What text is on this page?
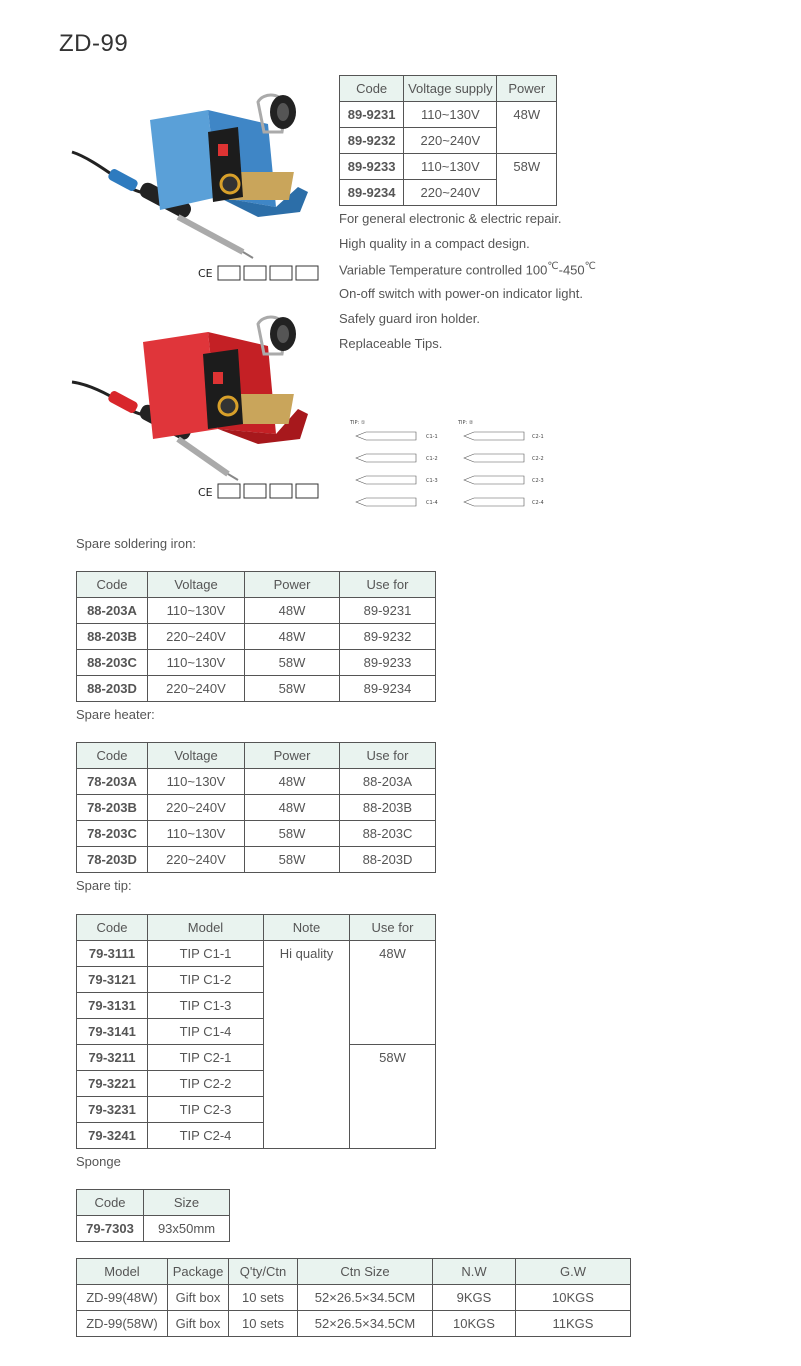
ZD-99
CE
CE
Code	Voltage supply	Power
89-9231	110~130V	48W
89-9232	220~240V	
89-9233	110~130V	58W
89-9234	220~240V	
For general electronic & electric repair.
High quality in a compact design.
Variable Temperature controlled 100℃-450℃
On-off switch with power-on indicator light.
Safely guard iron holder.
Replaceable Tips.
TIP: ①	TIP: ②
C1-1
C1-2
C1-3
C1-4
C2-1
C2-2
C2-3
C2-4
Spare soldering iron:
Code	Voltage	Power	Use for
88-203A	110~130V	48W	89-9231
88-203B	220~240V	48W	89-9232
88-203C	110~130V	58W	89-9233
88-203D	220~240V	58W	89-9234
Spare heater:
Code	Voltage	Power	Use for
78-203A	110~130V	48W	88-203A
78-203B	220~240V	48W	88-203B
78-203C	110~130V	58W	88-203C
78-203D	220~240V	58W	88-203D
Spare tip:
Code	Model	Note	Use for
79-3111	TIP C1-1	Hi quality	48W
79-3121	TIP C1-2		
79-3131	TIP C1-3		
79-3141	TIP C1-4		
79-3211	TIP C2-1		58W
79-3221	TIP C2-2		
79-3231	TIP C2-3		
79-3241	TIP C2-4		
Sponge
Code	Size
79-7303	93x50mm
Model	Package	Q'ty/Ctn	Ctn Size	N.W	G.W
ZD-99(48W)	Gift box	10 sets	52×26.5×34.5CM	9KGS	10KGS
ZD-99(58W)	Gift box	10 sets	52×26.5×34.5CM	10KGS	11KGS
